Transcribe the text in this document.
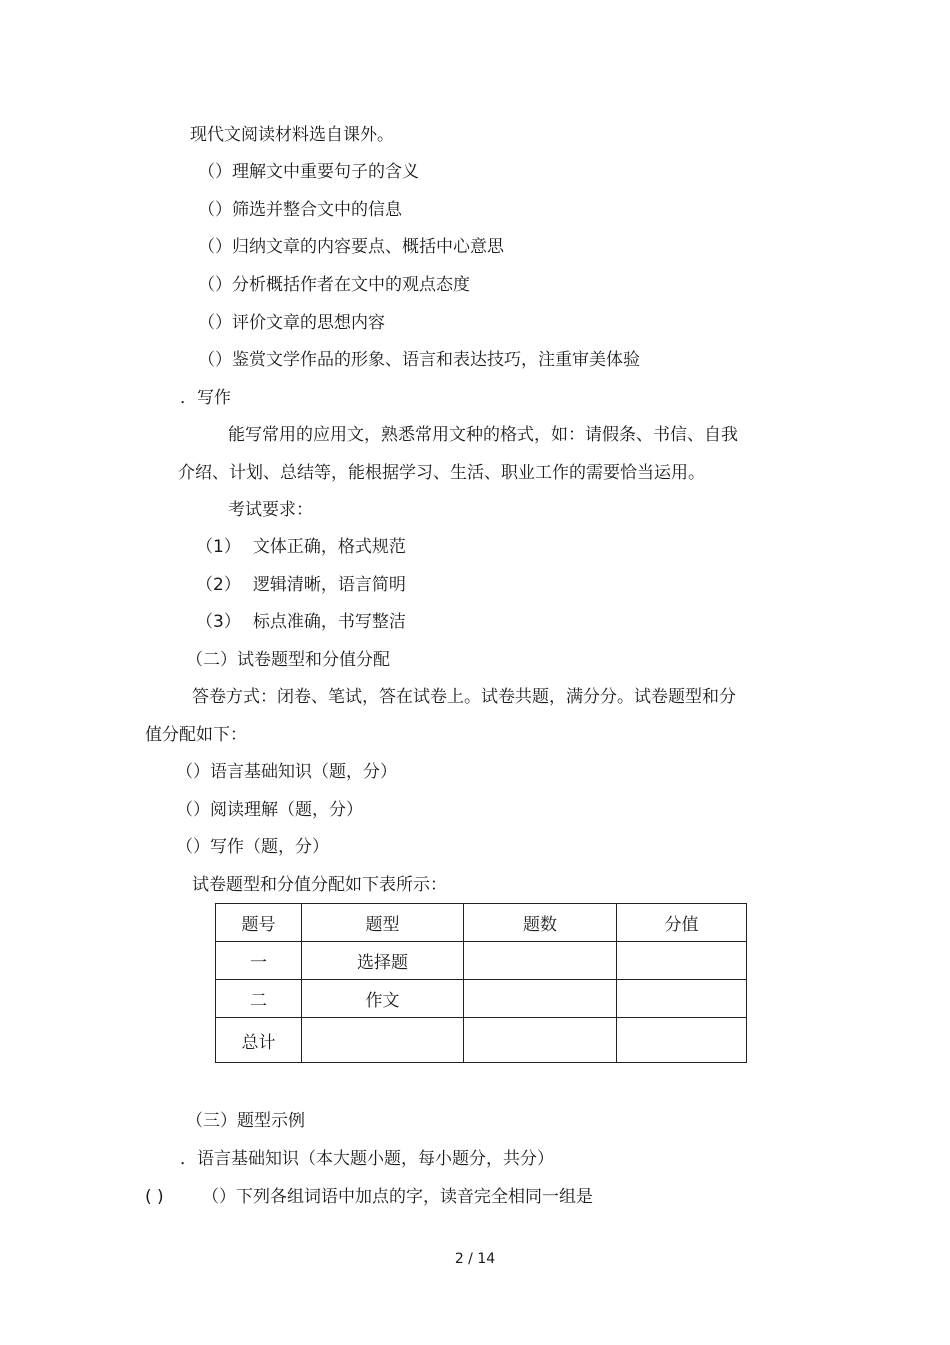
现代文阅读材料选自课外。
（）理解文中重要句子的含义
（）筛选并整合文中的信息
（）归纳文章的内容要点、概括中心意思
（）分析概括作者在文中的观点态度
（）评价文章的思想内容
（）鉴赏文学作品的形象、语言和表达技巧，注重审美体验
．写作
能写常用的应用文，熟悉常用文种的格式，如：请假条、书信、自我
介绍、计划、总结等，能根据学习、生活、职业工作的需要恰当运用。
考试要求：
（1） 文体正确，格式规范
（2） 逻辑清晰，语言简明
（3） 标点准确，书写整洁
（二）试卷题型和分值分配
答卷方式：闭卷、笔试，答在试卷上。试卷共题，满分分。试卷题型和分
值分配如下：
（）语言基础知识（题，分）
（）阅读理解（题，分）
（）写作（题，分）
试卷题型和分值分配如下表所示：
题号	题型	题数	分值
一	选择题		
二	作文		
总计			
（三）题型示例
．语言基础知识（本大题小题，每小题分，共分）
( ) （）下列各组词语中加点的字，读音完全相同一组是
2 / 14
